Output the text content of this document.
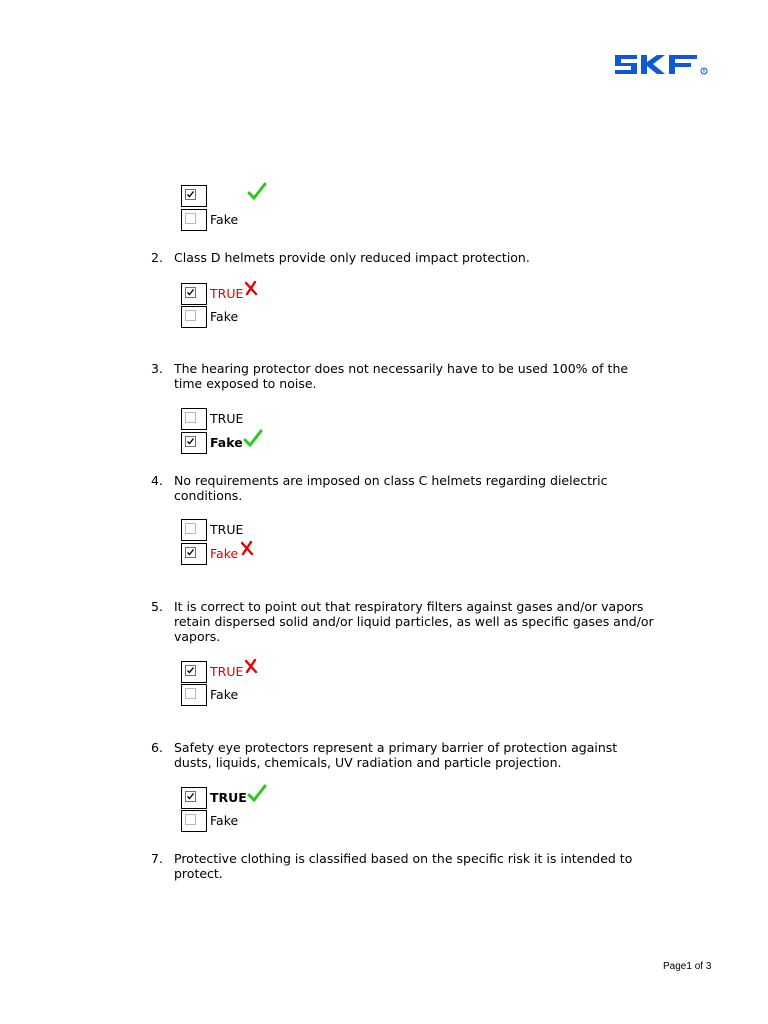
R
Fake
2. Class D helmets provide only reduced impact protection.
TRUE
Fake
3. The hearing protector does not necessarily have to be used 100% of the time exposed to noise.
TRUE
Fake
4. No requirements are imposed on class C helmets regarding dielectric conditions.
TRUE
Fake
5. It is correct to point out that respiratory filters against gases and/or vapors retain dispersed solid and/or liquid particles, as well as specific gases and/or vapors.
TRUE
Fake
6. Safety eye protectors represent a primary barrier of protection against dusts, liquids, chemicals, UV radiation and particle projection.
TRUE
Fake
7. Protective clothing is classified based on the specific risk it is intended to protect.
Page1 of 3
